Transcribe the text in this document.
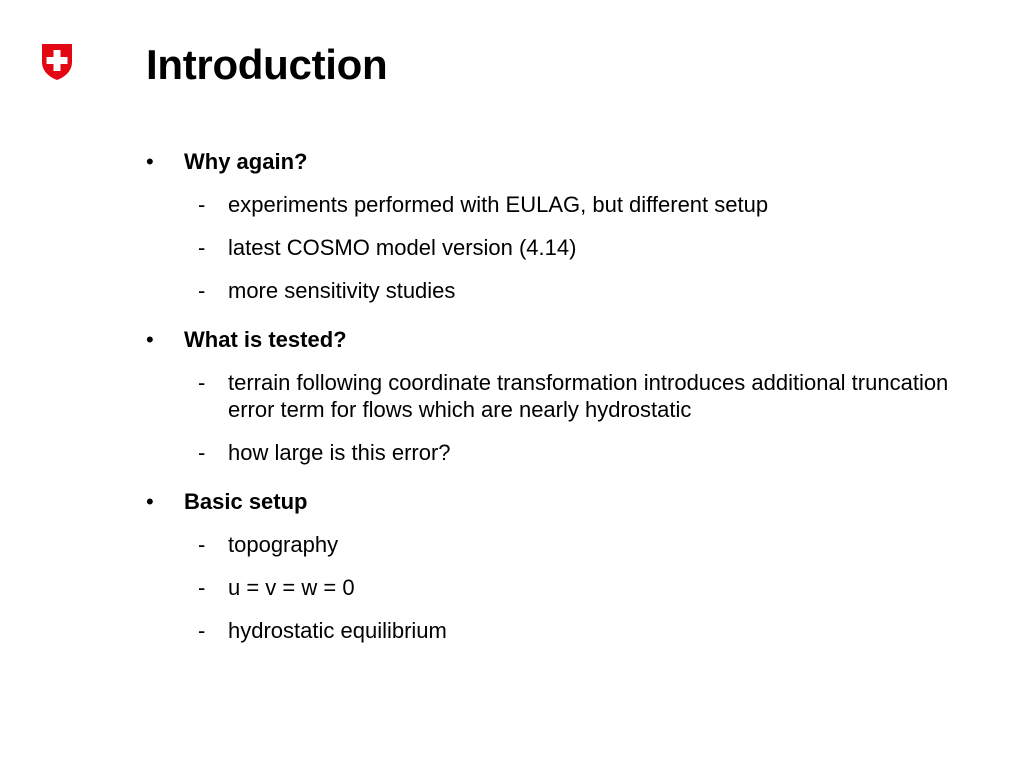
Introduction
• Why again?
- experiments performed with EULAG, but different setup
- latest COSMO model version (4.14)
- more sensitivity studies
• What is tested?
- terrain following coordinate transformation introduces additional truncation error term for flows which are nearly hydrostatic
- how large is this error?
• Basic setup
- topography
- u = v = w = 0
- hydrostatic equilibrium
